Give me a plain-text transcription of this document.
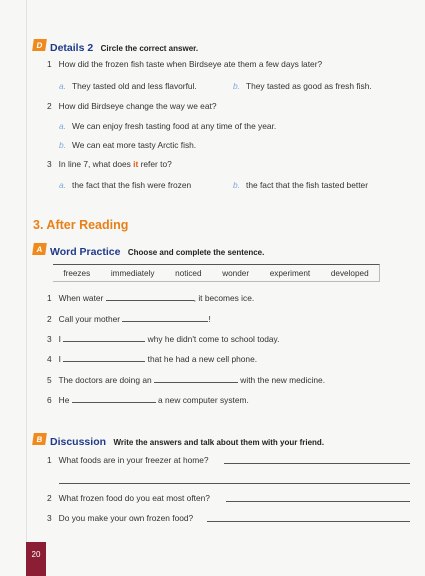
D Details 2 Circle the correct answer.
1 How did the frozen fish taste when Birdseye ate them a few days later?
a. They tasted old and less flavorful.	b. They tasted as good as fresh fish.
2 How did Birdseye change the way we eat?
a. We can enjoy fresh tasting food at any time of the year.
b. We can eat more tasty Arctic fish.
3 In line 7, what does it refer to?
a. the fact that the fish were frozen	b. the fact that the fish tasted better
3. After Reading
A Word Practice Choose and complete the sentence.
freezes	immediately	noticed	wonder	experiment	developed
1 When water	, it becomes ice.
2 Call your mother	!
3 I	why he didn't come to school today.
4 I	that he had a new cell phone.
5 The doctors are doing an	with the new medicine.
6 He	a new computer system.
B Discussion Write the answers and talk about them with your friend.
1 What foods are in your freezer at home?
2 What frozen food do you eat most often?
3 Do you make your own frozen food?
20
